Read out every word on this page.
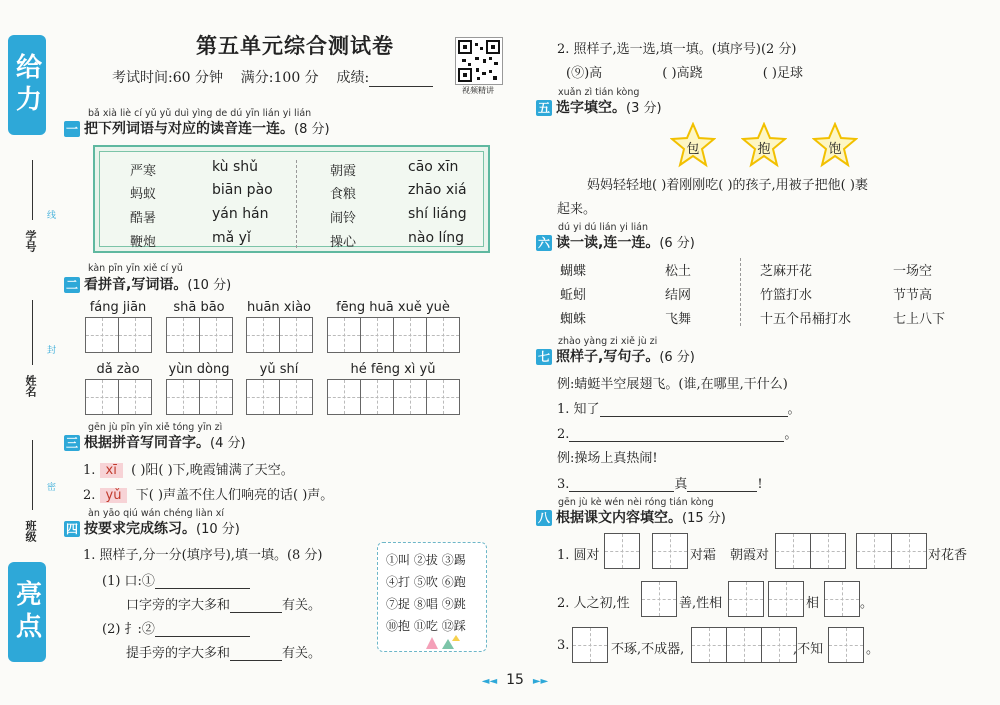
给力
亮点
学号
姓名
班级
线
封
密
第五单元综合测试卷
考试时间:60 分钟 满分:100 分 成绩:
视频精讲
bǎ xià liè cí yǔ yǔ duì yìng de dú yīn lián yi lián
一 把下列词语与对应的读音连一连。(8 分)
严寒
蚂蚁
酷暑
鞭炮
kù shǔ
biān pào
yán hán
mǎ yǐ
朝霞
食粮
闹铃
操心
cāo xīn
zhāo xiá
shí liáng
nào líng
kàn pīn yīn xiě cí yǔ
二 看拼音,写词语。(10 分)
fáng jiān	shā bāo	huān xiào	fēng huā xuě yuè
dǎ zào	yùn dòng	yǔ shí	hé fēng xì yǔ
gēn jù pīn yīn xiě tóng yīn zì
三 根据拼音写同音字。(4 分)
1. xī ( )阳( )下,晚霞铺满了天空。
2. yǔ 下( )声盖不住人们响亮的话( )声。
àn yāo qiú wán chéng liàn xí
四 按要求完成练习。(10 分)
1. 照样子,分一分(填序号),填一填。(8 分)
(1) 口:①
口字旁的字大多和	有关。
(2) 扌:②
提手旁的字大多和	有关。
①叫 ②拔 ③踢
④打 ⑤吹 ⑥跑
⑦捉 ⑧唱 ⑨跳
⑩抱 ⑪吃 ⑫踩
2. 照样子,选一选,填一填。(填序号)(2 分)
(⑨)高	( )高跷	( )足球
xuǎn zì tián kòng
五 选字填空。(3 分)
包	抱	饱
妈妈轻轻地( )着刚刚吃( )的孩子,用被子把他( )裹
起来。
dú yi dú lián yi lián
六 读一读,连一连。(6 分)
蝴蝶
蚯蚓
蜘蛛
松土
结网
飞舞
芝麻开花
竹篮打水
十五个吊桶打水
一场空
节节高
七上八下
zhào yàng zi xiě jù zi
七 照样子,写句子。(6 分)
例:蜻蜓半空展翅飞。(谁,在哪里,干什么)
1. 知了	。
2.	。
例:操场上真热闹!
3.	真	!
gēn jù kè wén nèi róng tián kòng
八 根据课文内容填空。(15 分)
1. 圆对	对霜 朝霞对	对花香
2. 人之初,性	善,性相	相	。
3.	不琢,不成器,	,不知	。
◄◄ 15 ►►
